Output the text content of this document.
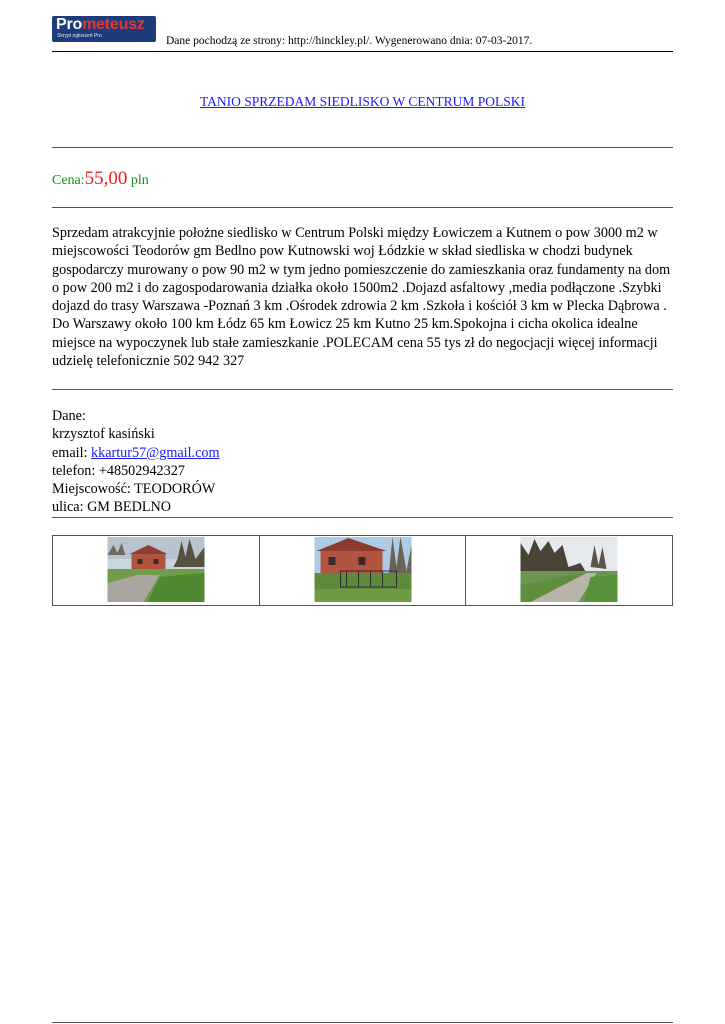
Prometeusz
Skrypt ogłoszeń Pro	Dane pochodzą ze strony: http://hinckley.pl/. Wygenerowano dnia: 07-03-2017.
TANIO SPRZEDAM SIEDLISKO W CENTRUM POLSKI
Cena:55,00 pln
Sprzedam atrakcyjnie położne siedlisko w Centrum Polski między Łowiczem a Kutnem o pow 3000 m2 w miejscowości Teodorów gm Bedlno pow Kutnowski woj Łódzkie w skład siedliska w chodzi budynek gospodarczy murowany o pow 90 m2 w tym jedno pomieszczenie do zamieszkania oraz fundamenty na dom o pow 200 m2 i do zagospodarowania działka około 1500m2 .Dojazd asfaltowy ,media podłączone .Szybki dojazd do trasy Warszawa -Poznań 3 km .Ośrodek zdrowia 2 km .Szkoła i kościół 3 km w Plecka Dąbrowa . Do Warszawy około 100 km Łódz 65 km Łowicz 25 km Kutno 25 km.Spokojna i cicha okolica idealne miejsce na wypoczynek lub stałe zamieszkanie .POLECAM cena 55 tys zł do negocjacji więcej informacji udzielę telefonicznie 502 942 327
Dane:
krzysztof kasiński
email: kkartur57@gmail.com
telefon: +48502942327
Miejscowość: TEODORÓW
ulica: GM BEDLNO
